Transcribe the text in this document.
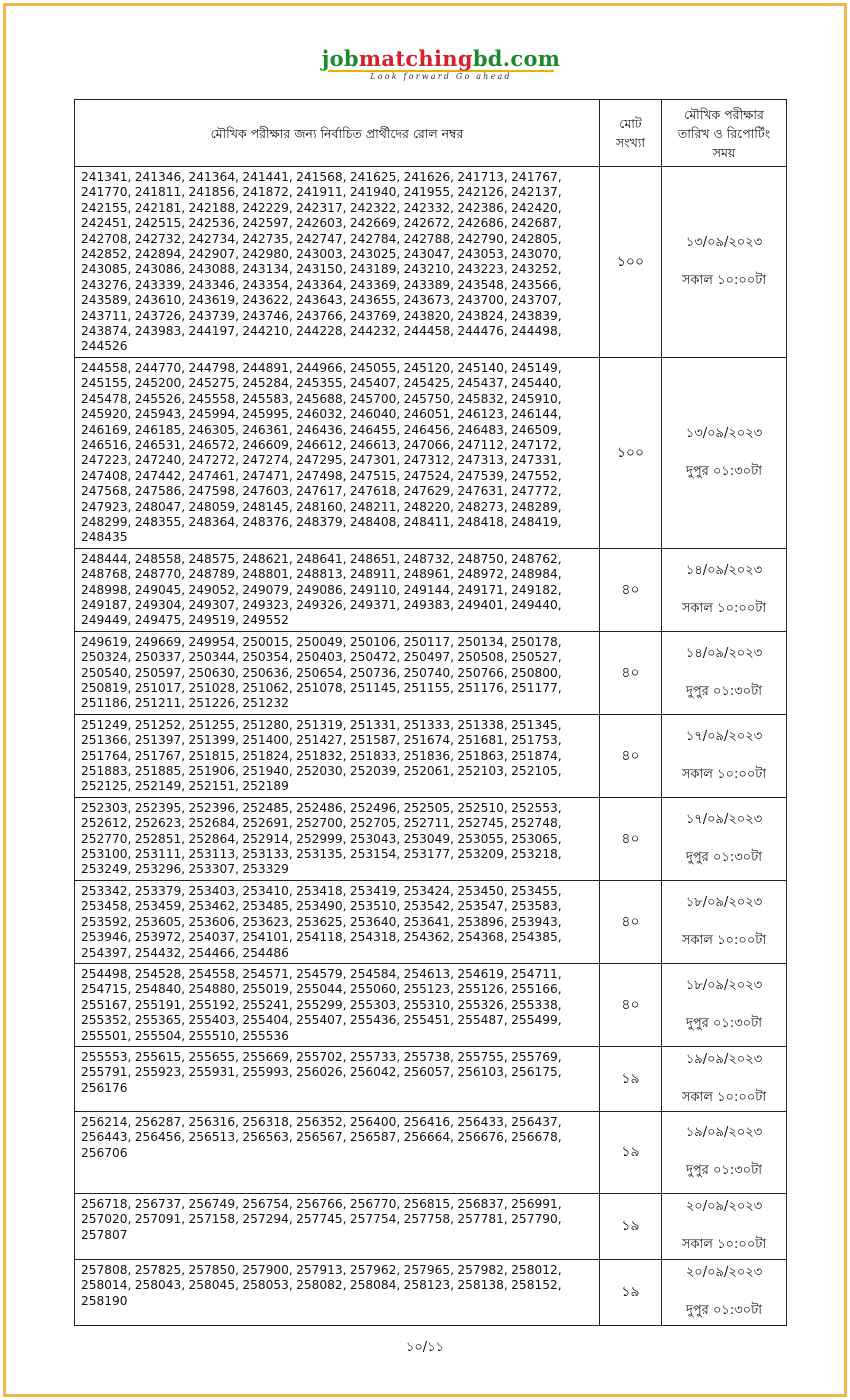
jobmatchingbd.com
Look forward Go ahead
মৌখিক পরীক্ষার জন্য নির্বাচিত প্রার্থীদের রোল নম্বর	মোট সংখ্যা	মৌখিক পরীক্ষার তারিখ ও রিপোর্টিং সময়
241341, 241346, 241364, 241441, 241568, 241625, 241626, 241713, 241767, 241770, 241811, 241856, 241872, 241911, 241940, 241955, 242126, 242137, 242155, 242181, 242188, 242229, 242317, 242322, 242332, 242386, 242420, 242451, 242515, 242536, 242597, 242603, 242669, 242672, 242686, 242687, 242708, 242732, 242734, 242735, 242747, 242784, 242788, 242790, 242805, 242852, 242894, 242907, 242980, 243003, 243025, 243047, 243053, 243070, 243085, 243086, 243088, 243134, 243150, 243189, 243210, 243223, 243252, 243276, 243339, 243346, 243354, 243364, 243369, 243389, 243548, 243566, 243589, 243610, 243619, 243622, 243643, 243655, 243673, 243700, 243707, 243711, 243726, 243739, 243746, 243766, 243769, 243820, 243824, 243839, 243874, 243983, 244197, 244210, 244228, 244232, 244458, 244476, 244498, 244526	১০০	১৩/০৯/২০২৩
সকাল ১০:০০টা

244558, 244770, 244798, 244891, 244966, 245055, 245120, 245140, 245149, 245155, 245200, 245275, 245284, 245355, 245407, 245425, 245437, 245440, 245478, 245526, 245558, 245583, 245688, 245700, 245750, 245832, 245910, 245920, 245943, 245994, 245995, 246032, 246040, 246051, 246123, 246144, 246169, 246185, 246305, 246361, 246436, 246455, 246456, 246483, 246509, 246516, 246531, 246572, 246609, 246612, 246613, 247066, 247112, 247172, 247223, 247240, 247272, 247274, 247295, 247301, 247312, 247313, 247331, 247408, 247442, 247461, 247471, 247498, 247515, 247524, 247539, 247552, 247568, 247586, 247598, 247603, 247617, 247618, 247629, 247631, 247772, 247923, 248047, 248059, 248145, 248160, 248211, 248220, 248273, 248289, 248299, 248355, 248364, 248376, 248379, 248408, 248411, 248418, 248419, 248435	১০০	১৩/০৯/২০২৩
দুপুর ০১:৩০টা

248444, 248558, 248575, 248621, 248641, 248651, 248732, 248750, 248762, 248768, 248770, 248789, 248801, 248813, 248911, 248961, 248972, 248984, 248998, 249045, 249052, 249079, 249086, 249110, 249144, 249171, 249182, 249187, 249304, 249307, 249323, 249326, 249371, 249383, 249401, 249440, 249449, 249475, 249519, 249552	৪০	১৪/০৯/২০২৩
সকাল ১০:০০টা

249619, 249669, 249954, 250015, 250049, 250106, 250117, 250134, 250178, 250324, 250337, 250344, 250354, 250403, 250472, 250497, 250508, 250527, 250540, 250597, 250630, 250636, 250654, 250736, 250740, 250766, 250800, 250819, 251017, 251028, 251062, 251078, 251145, 251155, 251176, 251177, 251186, 251211, 251226, 251232	৪০	১৪/০৯/২০২৩
দুপুর ০১:৩০টা

251249, 251252, 251255, 251280, 251319, 251331, 251333, 251338, 251345, 251366, 251397, 251399, 251400, 251427, 251587, 251674, 251681, 251753, 251764, 251767, 251815, 251824, 251832, 251833, 251836, 251863, 251874, 251883, 251885, 251906, 251940, 252030, 252039, 252061, 252103, 252105, 252125, 252149, 252151, 252189	৪০	১৭/০৯/২০২৩
সকাল ১০:০০টা

252303, 252395, 252396, 252485, 252486, 252496, 252505, 252510, 252553, 252612, 252623, 252684, 252691, 252700, 252705, 252711, 252745, 252748, 252770, 252851, 252864, 252914, 252999, 253043, 253049, 253055, 253065, 253100, 253111, 253113, 253133, 253135, 253154, 253177, 253209, 253218, 253249, 253296, 253307, 253329	৪০	১৭/০৯/২০২৩
দুপুর ০১:৩০টা

253342, 253379, 253403, 253410, 253418, 253419, 253424, 253450, 253455, 253458, 253459, 253462, 253485, 253490, 253510, 253542, 253547, 253583, 253592, 253605, 253606, 253623, 253625, 253640, 253641, 253896, 253943, 253946, 253972, 254037, 254101, 254118, 254318, 254362, 254368, 254385, 254397, 254432, 254466, 254486	৪০	১৮/০৯/২০২৩
সকাল ১০:০০টা

254498, 254528, 254558, 254571, 254579, 254584, 254613, 254619, 254711, 254715, 254840, 254880, 255019, 255044, 255060, 255123, 255126, 255166, 255167, 255191, 255192, 255241, 255299, 255303, 255310, 255326, 255338, 255352, 255365, 255403, 255404, 255407, 255436, 255451, 255487, 255499, 255501, 255504, 255510, 255536	৪০	১৮/০৯/২০২৩
দুপুর ০১:৩০টা

255553, 255615, 255655, 255669, 255702, 255733, 255738, 255755, 255769, 255791, 255923, 255931, 255993, 256026, 256042, 256057, 256103, 256175, 256176	১৯	১৯/০৯/২০২৩
সকাল ১০:০০টা

256214, 256287, 256316, 256318, 256352, 256400, 256416, 256433, 256437, 256443, 256456, 256513, 256563, 256567, 256587, 256664, 256676, 256678, 256706	১৯	১৯/০৯/২০২৩
দুপুর ০১:৩০টা

256718, 256737, 256749, 256754, 256766, 256770, 256815, 256837, 256991, 257020, 257091, 257158, 257294, 257745, 257754, 257758, 257781, 257790, 257807	১৯	২০/০৯/২০২৩
সকাল ১০:০০টা

257808, 257825, 257850, 257900, 257913, 257962, 257965, 257982, 258012, 258014, 258043, 258045, 258053, 258082, 258084, 258123, 258138, 258152, 258190	১৯	২০/০৯/২০২৩
দুপুর ০১:৩০টা
১০/১১
